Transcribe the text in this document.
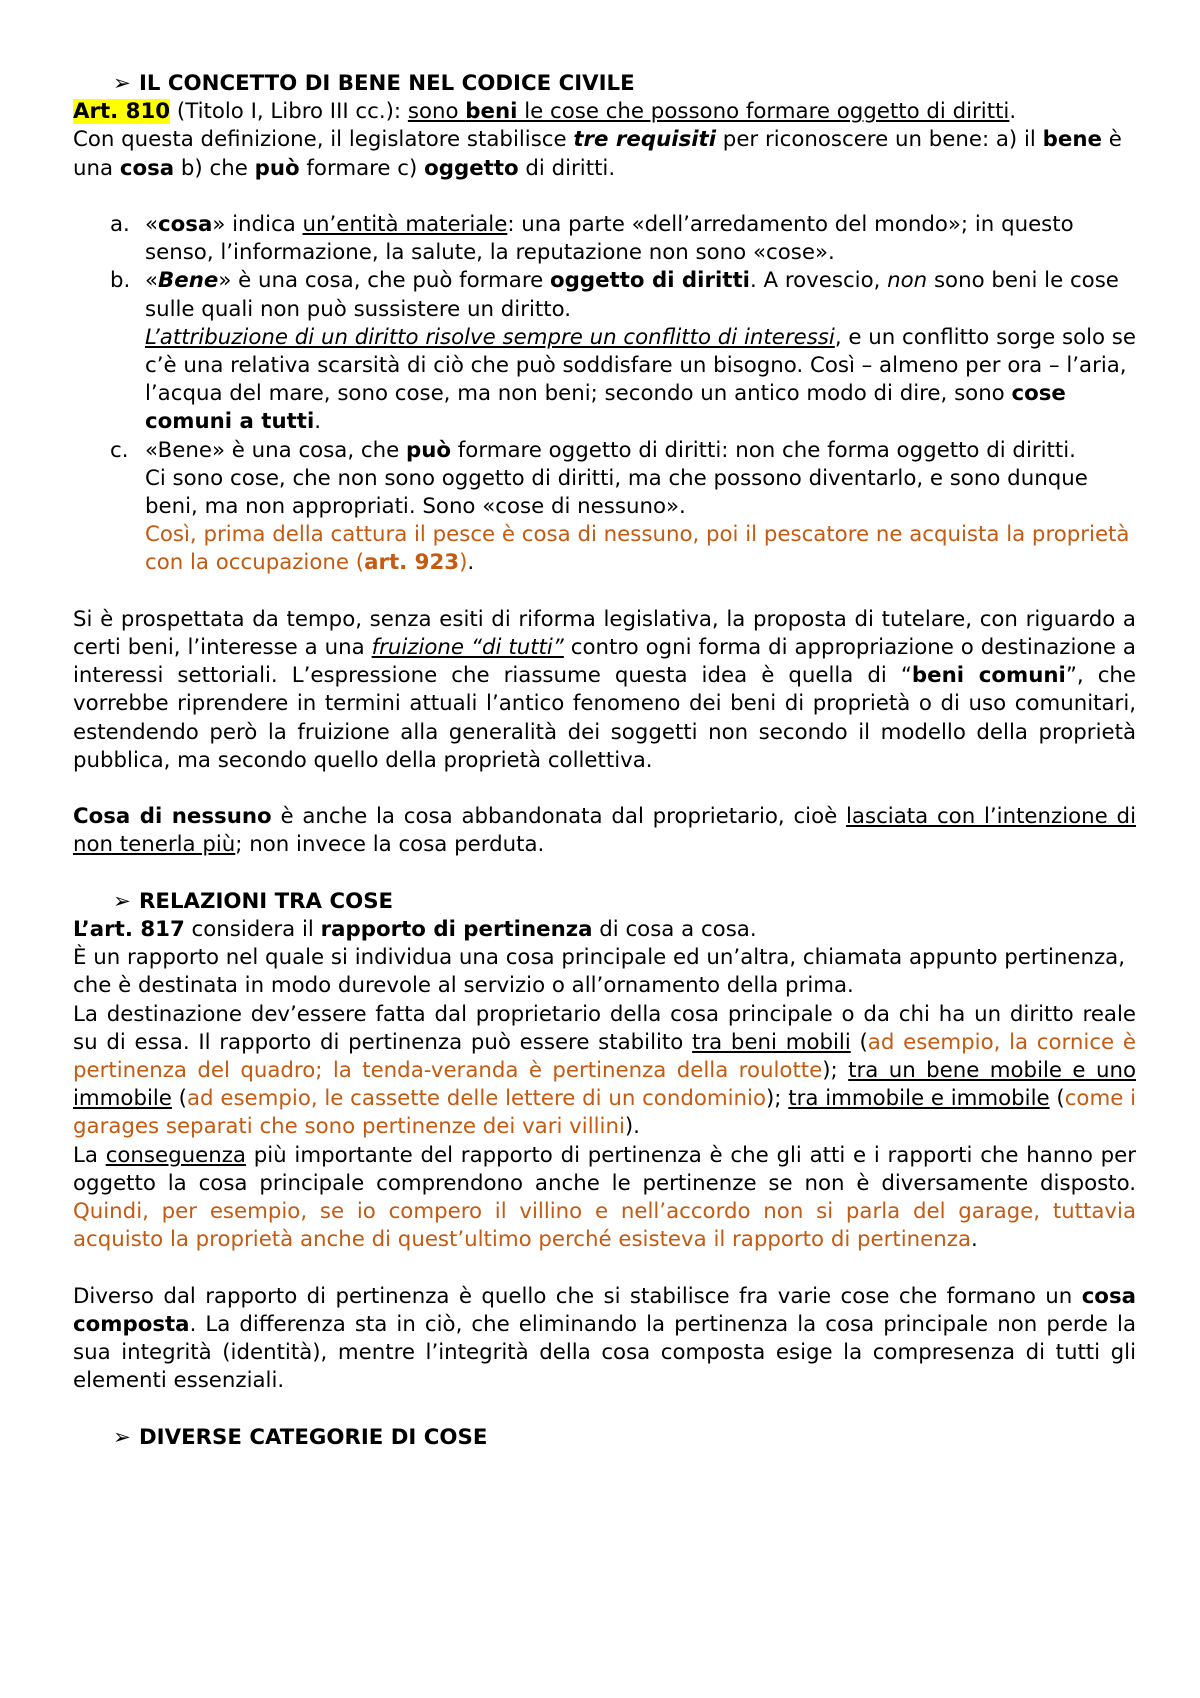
➢ IL CONCETTO DI BENE NEL CODICE CIVILE

Art. 810 (Titolo I, Libro III cc.): sono beni le cose che possono formare oggetto di diritti.

Con questa definizione, il legislatore stabilisce tre requisiti per riconoscere un bene: a) il bene è una cosa b) che può formare c) oggetto di diritti.

a. «cosa» indica un’entità materiale: una parte «dell’arredamento del mondo»; in questo senso, l’informazione, la salute, la reputazione non sono «cose».
b. «Bene» è una cosa, che può formare oggetto di diritti. A rovescio, non sono beni le cose sulle quali non può sussistere un diritto.
L’attribuzione di un diritto risolve sempre un conflitto di interessi, e un conflitto sorge solo se c’è una relativa scarsità di ciò che può soddisfare un bisogno. Così – almeno per ora – l’aria, l’acqua del mare, sono cose, ma non beni; secondo un antico modo di dire, sono cose comuni a tutti.
c. «Bene» è una cosa, che può formare oggetto di diritti: non che forma oggetto di diritti.
Ci sono cose, che non sono oggetto di diritti, ma che possono diventarlo, e sono dunque beni, ma non appropriati. Sono «cose di nessuno».
Così, prima della cattura il pesce è cosa di nessuno, poi il pescatore ne acquista la proprietà con la occupazione (art. 923).

Si è prospettata da tempo, senza esiti di riforma legislativa, la proposta di tutelare, con riguardo a certi beni, l’interesse a una fruizione “di tutti” contro ogni forma di appropriazione o destinazione a interessi settoriali. L’espressione che riassume questa idea è quella di “beni comuni”, che vorrebbe riprendere in termini attuali l’antico fenomeno dei beni di proprietà o di uso comunitari, estendendo però la fruizione alla generalità dei soggetti non secondo il modello della proprietà pubblica, ma secondo quello della proprietà collettiva.

Cosa di nessuno è anche la cosa abbandonata dal proprietario, cioè lasciata con l’intenzione di non tenerla più; non invece la cosa perduta.

➢ RELAZIONI TRA COSE

L’art. 817 considera il rapporto di pertinenza di cosa a cosa.

È un rapporto nel quale si individua una cosa principale ed un’altra, chiamata appunto pertinenza, che è destinata in modo durevole al servizio o all’ornamento della prima.

La destinazione dev’essere fatta dal proprietario della cosa principale o da chi ha un diritto reale su di essa. Il rapporto di pertinenza può essere stabilito tra beni mobili (ad esempio, la cornice è pertinenza del quadro; la tenda-veranda è pertinenza della roulotte); tra un bene mobile e uno immobile (ad esempio, le cassette delle lettere di un condominio); tra immobile e immobile (come i garages separati che sono pertinenze dei vari villini).

La conseguenza più importante del rapporto di pertinenza è che gli atti e i rapporti che hanno per oggetto la cosa principale comprendono anche le pertinenze se non è diversamente disposto. Quindi, per esempio, se io compero il villino e nell’accordo non si parla del garage, tuttavia acquisto la proprietà anche di quest’ultimo perché esisteva il rapporto di pertinenza.

Diverso dal rapporto di pertinenza è quello che si stabilisce fra varie cose che formano un cosa composta. La differenza sta in ciò, che eliminando la pertinenza la cosa principale non perde la sua integrità (identità), mentre l’integrità della cosa composta esige la compresenza di tutti gli elementi essenziali.

➢ DIVERSE CATEGORIE DI COSE
